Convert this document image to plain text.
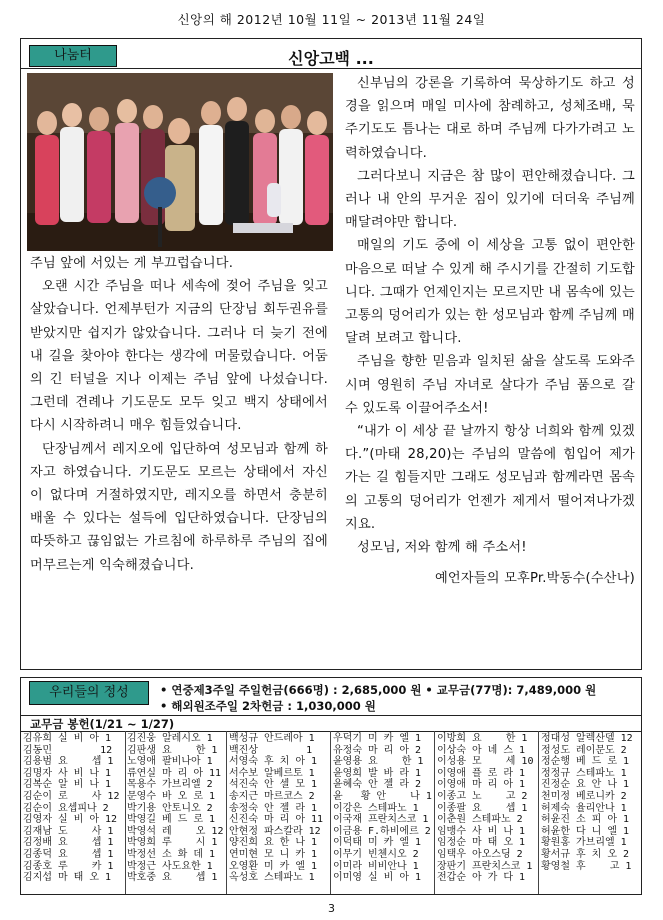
신앙의 해 2012년 10월 11일 ~ 2013년 11월 24일
나눔터	신앙고백 ...

주님 앞에 서있는 게 부끄럽습니다.

오랜 시간 주님을 떠나 세속에 젖어 주님을 잊고 살았습니다. 언제부턴가 지금의 단장님 회두권유를 받았지만 쉽지가 않았습니다. 그러나 더 늦기 전에 내 길을 찾아야 한다는 생각에 머물렀습니다. 어둠의 긴 터널을 지나 이제는 주님 앞에 나섰습니다. 그런데 견례나 기도문도 모두 잊고 백지 상태에서 다시 시작하려니 매우 힘들었습니다.

단장님께서 레지오에 입단하여 성모님과 함께 하자고 하였습니다. 기도문도 모르는 상태에서 자신이 없다며 거절하였지만, 레지오를 하면서 충분히 배울 수 있다는 설득에 입단하였습니다. 단장님의 따뜻하고 끊임없는 가르침에 하루하루 주님의 집에 머무르는게 익숙해졌습니다.

신부님의 강론을 기록하여 묵상하기도 하고 성경을 읽으며 매일 미사에 참례하고, 성체조배, 묵주기도도 틈나는 대로 하며 주님께 다가가려고 노력하였습니다.

그러다보니 지금은 참 많이 편안해졌습니다. 그러나 내 안의 무거운 짐이 있기에 더더욱 주님께 매달려야만 합니다.

매일의 기도 중에 이 세상을 고통 없이 편안한 마음으로 떠날 수 있게 해 주시기를 간절히 기도합니다. 그때가 언제인지는 모르지만 내 몸속에 있는 고통의 덩어리가 있는 한 성모님과 함께 주님께 매달려 보려고 합니다.

주님을 향한 믿음과 일치된 삶을 살도록 도와주시며 영원히 주님 자녀로 살다가 주님 품으로 갈 수 있도록 이끌어주소서!

“내가 이 세상 끝 날까지 항상 너희와 함께 있겠다.”(마태 28,20)는 주님의 말씀에 힘입어 제가 가는 길 힘들지만 그래도 성모님과 함께라면 몸속의 고통의 덩어리가 언젠가 제게서 떨어져나가겠지요.

성모님, 저와 함께 해 주소서!

예언자들의 모후Pr.박동수(수산나)

우리들의 정성	• 연중제3주일 주일헌금(666명) : 2,685,000 원 • 교무금(77명): 7,489,000 원
• 해외원조주일 2차헌금 : 1,030,000 원
교무금 봉헌(1/21 ~ 1/27)
김유희 실 비 아 1
김동민        12
김용범 요    셉 1
김명자 사 비 나 1
김복순 알 비 나 1
김순이 로    사 12
김순이 요셉피나 2
김영자 실 비 아 12
김재남 도    사 1
김정배 요    셉 1
김종덕 요    셉 1
김종호 루    카 1
김지섭 마 태 오 1
김진웅 알레시오 1
김판생 요    한 1
노영애 팔비나아 1
류연실 마 리 아 11
목용수 가브리엘 2
문영수 바 오 로 1
박기용 안토니오 2
박영길 베 드 로 1
박영석 레    오 12
박영희 루    시 1
박정선 소 화 데 1
박정근 사도요한 1
박호중 요    셉 1
백성규 안드레아 1
백진상        1
서영숙 후 치 아 1
서수보 알베르토 1
석진숙 안 셀 모 1
송지근 마르코스 2
송정숙 안 젤 라 1
신진숙 마 리 아 11
안현정 파스칼라 12
양진희 요 한 나 1
연미현 모 니 카 1
오영환 미 카 엘 1
옥성호 스테파노 1
우덕기 미 카 엘 1
유정숙 마 리 아 2
윤영용 요    한 1
윤영희 발 바 라 1
윤혜숙 안 젤 라 2
윤   황 안    나 1
이강은 스테파노 1
이국재 프란치스코 1
이금용 F.하비에르 2
이덕태 미 카 엘 1
이무기 빈첸시오 2
이미라 비비안나 1
이미영 실 비 아 1
이방희 요    한 1
이상숙 아 녜 스 1
이성용 모    세 10
이영애 플 로 라 1
이영애 마 리 아 1
이종고 노    고 2
이종팔 요    셉 1
이춘원 스테파노 2
임맹수 사 비 나 1
임정순 마 태 오 1
임택우 아오스딩 2
장판기 프란치스코 1
전갑순 아 가 다 1
정대성 알렉산델 12
정성도 레이문도 2
정순행 베 드 로 1
정정규 스테파노 1
진정순 요 안 나 1
천미정 베로니카 2
허제숙 율리안나 1
허윤진 소 피 아 1
허윤한 다 니 엘 1
황원홍 가브리엘 1
황서규 후 치 오 2
황영철 후    고 1
3
